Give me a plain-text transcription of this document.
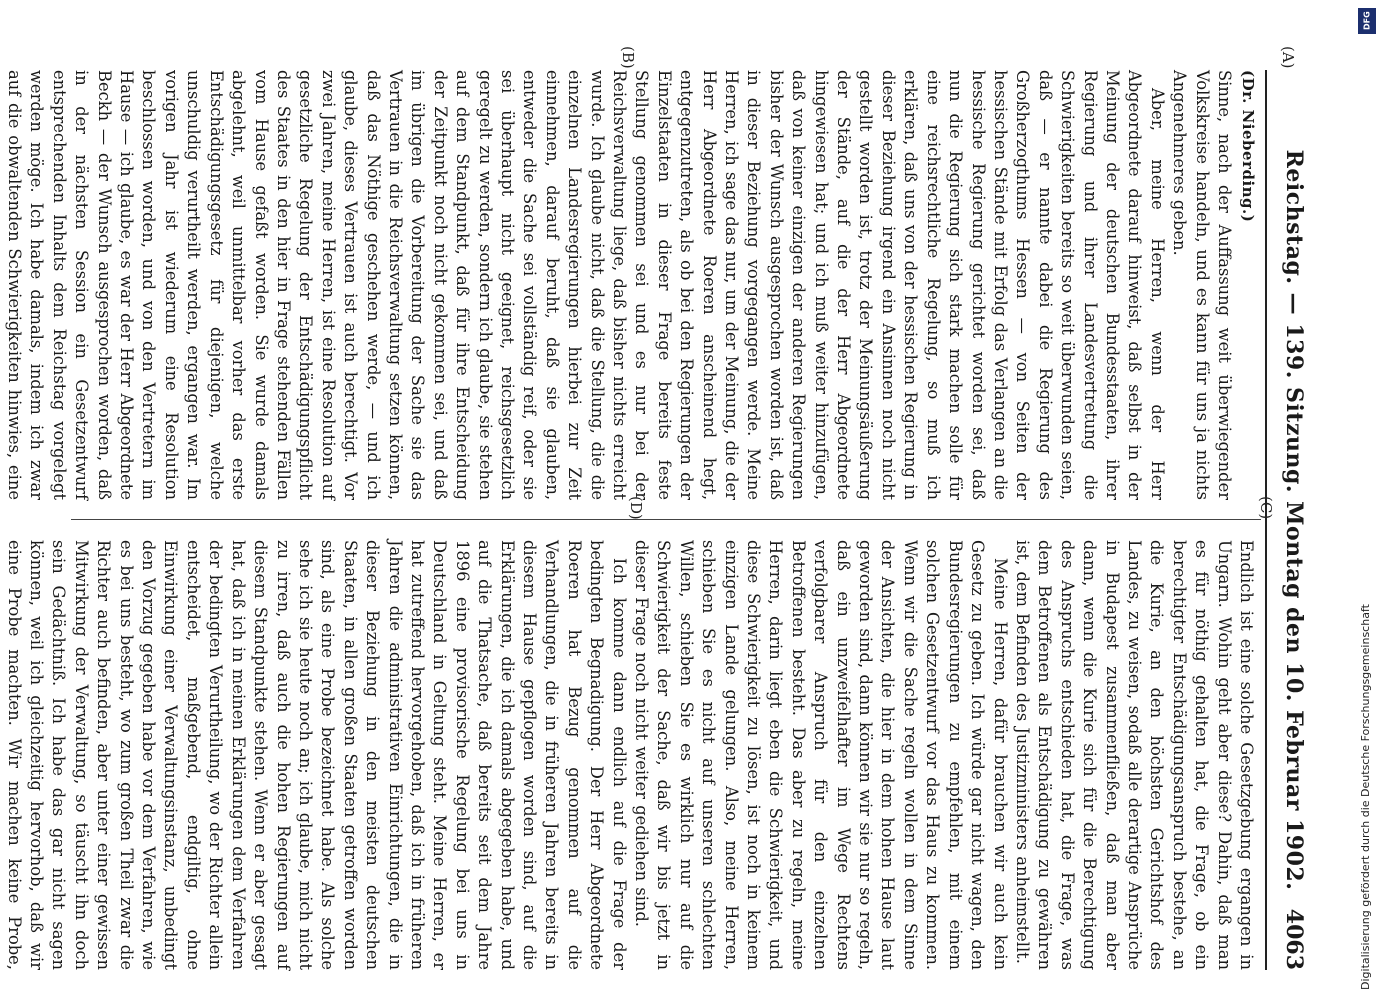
Reichstag. — 139. Sitzung. Montag den 10. Februar 1902.
4063
(Dr. Nieberding.)

Sinne, nach der Auffassung weit überwiegender Volkskreise handeln, und es kann für uns ja nichts Angenehmeres geben.

Aber, meine Herren, wenn der Herr Abgeordnete darauf hinweist, daß selbst in der Meinung der deutschen Bundesstaaten, ihrer Regierung und ihrer Landesvertretung die Schwierigkeiten bereits so weit überwunden seien, daß — er nannte dabei die Regierung des Großherzogthums Hessen — von Seiten der hessischen Stände mit Erfolg das Verlangen an die hessische Regierung gerichtet worden sei, daß nun die Regierung sich stark machen solle für eine reichsrechtliche Regelung, so muß ich erklären, daß uns von der hessischen Regierung in dieser Beziehung irgend ein Ansinnen noch nicht gestellt worden ist, trotz der Meinungsäußerung der Stände, auf die der Herr Abgeordnete hingewiesen hat; und ich muß weiter hinzufügen, daß von keiner einzigen der anderen Regierungen bisher der Wunsch ausgesprochen worden ist, daß in dieser Beziehung vorgegangen werde. Meine Herren, ich sage das nur, um der Meinung, die der Herr Abgeordnete Roeren anscheinend hegt, entgegenzutreten, als ob bei den Regierungen der Einzelstaaten in dieser Frage bereits feste Stellung genommen sei und es nur bei der Reichsverwaltung liege, daß bisher nichts erreicht wurde. Ich glaube nicht, daß die Stellung, die die einzelnen Landesregierungen hierbei zur Zeit einnehmen, darauf beruht, daß sie glauben, entweder die Sache sei vollständig reif, oder sie sei überhaupt nicht geeignet, reichsgesetzlich geregelt zu werden, sondern ich glaube, sie stehen auf dem Standpunkt, daß für ihre Entscheidung der Zeitpunkt noch nicht gekommen sei, und daß im übrigen die Vorbereitung der Sache sie das Vertrauen in die Reichsverwaltung setzen können, daß das Nöthige geschehen werde, — und ich glaube, dieses Vertrauen ist auch berechtigt. Vor zwei Jahren, meine Herren, ist eine Resolution auf gesetzliche Regelung der Entschädigungspflicht des Staates in den hier in Frage stehenden Fällen vom Hause gefaßt worden. Sie wurde damals abgelehnt, weil unmittelbar vorher das erste Entschädigungsgesetz für diejenigen, welche unschuldig verurtheilt werden, ergangen war. Im vorigen Jahr ist wiederum eine Resolution beschlossen worden, und von den Vertretern im Hause — ich glaube, es war der Herr Abgeordnete Beckh — der Wunsch ausgesprochen worden, daß in der nächsten Session ein Gesetzentwurf entsprechenden Inhalts dem Reichstag vorgelegt werden möge. Ich habe damals, indem ich zwar auf die obwaltenden Schwierigkeiten hinwies, eine

Endlich ist eine solche Gesetzgebung ergangen in Ungarn. Wohin geht aber diese? Dahin, daß man es für nöthig gehalten hat, die Frage, ob ein berechtigter Entschädigungsanspruch bestehe, an die Kurie, an den höchsten Gerichtshof des Landes, zu weisen, sodaß alle derartige Ansprüche in Budapest zusammenfließen, daß man aber dann, wenn die Kurie sich für die Berechtigung des Anspruchs entschieden hat, die Frage, was dem Betroffenen als Entschädigung zu gewähren ist, dem Befinden des Justizministers anheimstellt.

Meine Herren, dafür brauchen wir auch kein Gesetz zu geben. Ich würde gar nicht wagen, den Bundesregierungen zu empfehlen, mit einem solchen Gesetzentwurf vor das Haus zu kommen. Wenn wir die Sache regeln wollen in dem Sinne der Ansichten, die hier in dem hohen Hause laut geworden sind, dann können wir sie nur so regeln, daß ein unzweifelhafter im Wege Rechtens verfolgbarer Anspruch für den einzelnen Betroffenen besteht. Das aber zu regeln, meine Herren, darin liegt eben die Schwierigkeit, und diese Schwierigkeit zu lösen, ist noch in keinem einzigen Lande gelungen. Also, meine Herren, schieben Sie es nicht auf unseren schlechten Willen, schieben Sie es wirklich nur auf die Schwierigkeit der Sache, daß wir bis jetzt in dieser Frage noch nicht weiter gediehen sind.

Ich komme dann endlich auf die Frage der bedingten Begnadigung. Der Herr Abgeordnete Roeren hat Bezug genommen auf die Verhandlungen, die in früheren Jahren bereits in diesem Hause gepflogen worden sind, auf die Erklärungen, die ich damals abgegeben habe, und auf die Thatsache, daß bereits seit dem Jahre 1896 eine provisorische Regelung bei uns in Deutschland in Geltung steht. Meine Herren, er hat zutreffend hervorgehoben, daß ich in früheren Jahren die administrativen Einrichtungen, die in dieser Beziehung in den meisten deutschen Staaten, in allen großen Staaten getroffen worden sind, als eine Probe bezeichnet habe. Als solche sehe ich sie heute noch an; ich glaube, mich nicht zu irren, daß auch die hohen Regierungen auf diesem Standpunkte stehen. Wenn er aber gesagt hat, daß ich in meinen Erklärungen dem Verfahren der bedingten Verurtheilung, wo der Richter allein entscheidet, maßgebend, endgiltig, ohne Einwirkung einer Verwaltungsinstanz, unbedingt den Vorzug gegeben habe vor dem Verfahren, wie es bei uns besteht, wo zum großen Theil zwar die Richter auch befinden, aber unter einer gewissen Mitwirkung der Verwaltung, so täuscht ihn doch sein Gedächtniß. Ich habe das gar nicht sagen können, weil ich gleichzeitig hervorhob, daß wir eine Probe machten. Wir machen keine Probe,

(A)
(B)
(C)
(D)
DFG
Digitalisierung gefördert durch die Deutsche Forschungsgemeinschaft
